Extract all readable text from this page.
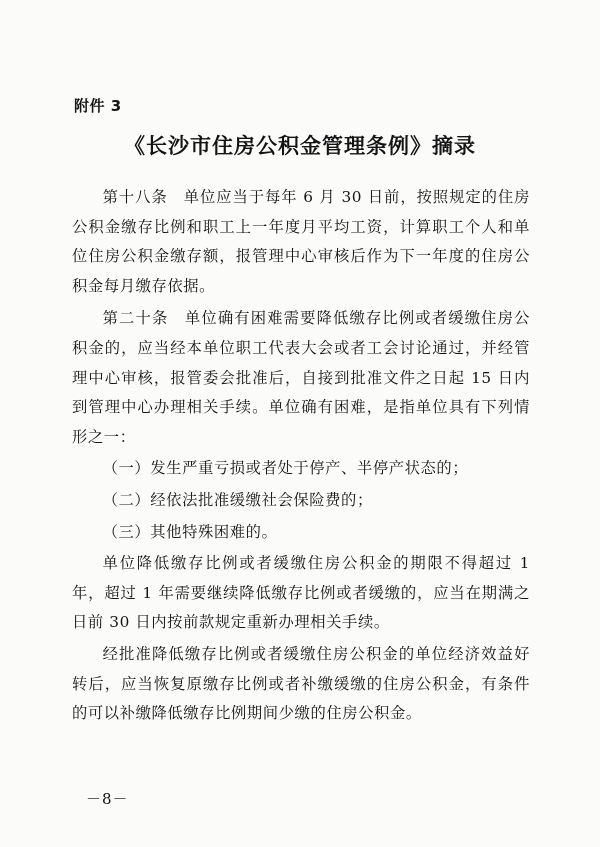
附件 3
《长沙市住房公积金管理条例》摘录

第十八条　单位应当于每年 6 月 30 日前，按照规定的住房公积金缴存比例和职工上一年度月平均工资，计算职工个人和单位住房公积金缴存额，报管理中心审核后作为下一年度的住房公积金每月缴存依据。

第二十条　单位确有困难需要降低缴存比例或者缓缴住房公积金的，应当经本单位职工代表大会或者工会讨论通过，并经管理中心审核，报管委会批准后，自接到批准文件之日起 15 日内到管理中心办理相关手续。单位确有困难，是指单位具有下列情形之一：

（一）发生严重亏损或者处于停产、半停产状态的；

（二）经依法批准缓缴社会保险费的；

（三）其他特殊困难的。

单位降低缴存比例或者缓缴住房公积金的期限不得超过 1 年，超过 1 年需要继续降低缴存比例或者缓缴的，应当在期满之日前 30 日内按前款规定重新办理相关手续。

经批准降低缴存比例或者缓缴住房公积金的单位经济效益好转后，应当恢复原缴存比例或者补缴缓缴的住房公积金，有条件的可以补缴降低缴存比例期间少缴的住房公积金。

－8－
